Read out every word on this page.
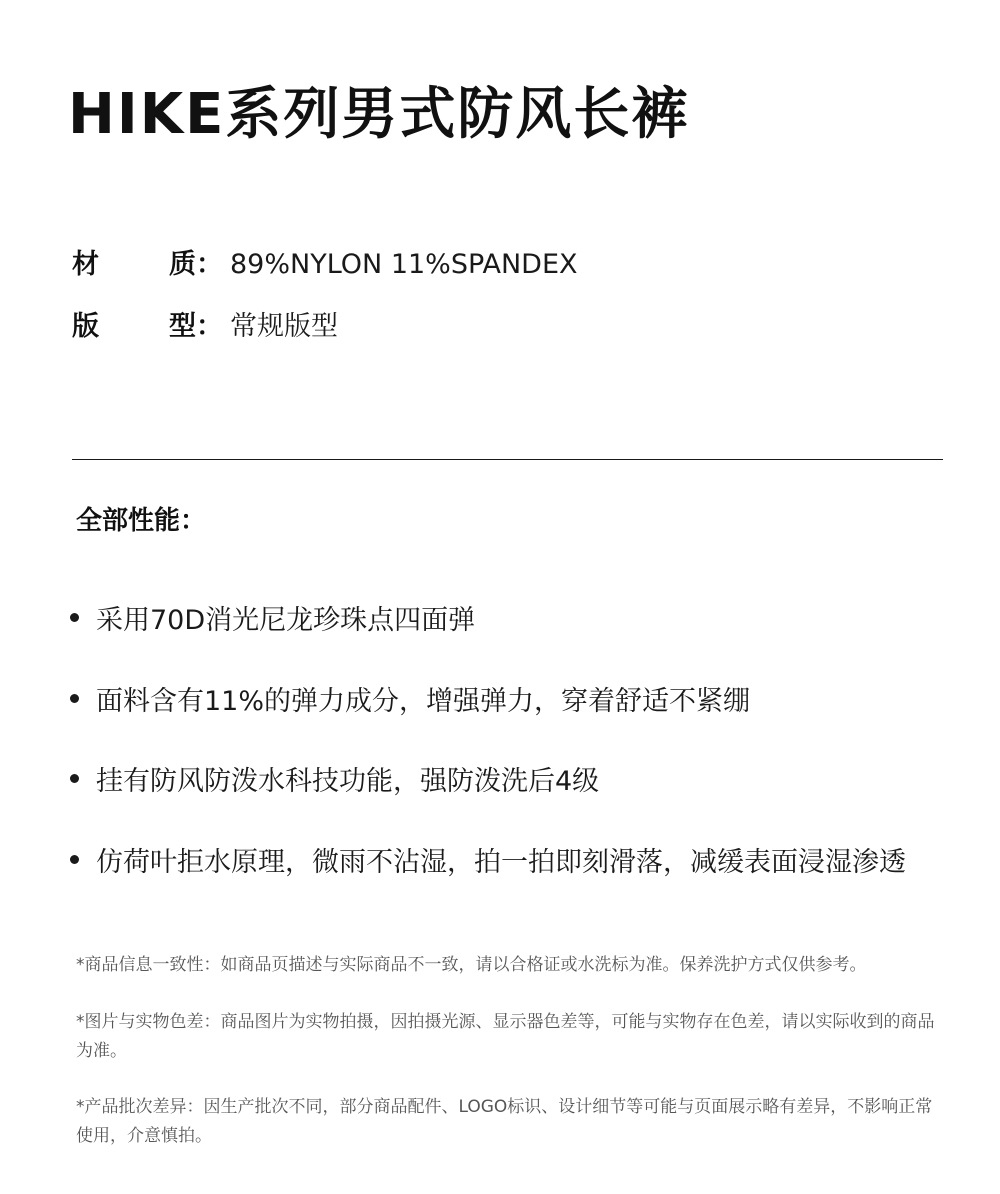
HIKE系列男式防风长裤
材	质 ： 89%NYLON 11%SPANDEX
版	型 ： 常规版型
全部性能：
采用70D消光尼龙珍珠点四面弹
面料含有11%的弹力成分，增强弹力，穿着舒适不紧绷
挂有防风防泼水科技功能，强防泼洗后4级
仿荷叶拒水原理，微雨不沾湿，拍一拍即刻滑落，减缓表面浸湿渗透
*商品信息一致性：如商品页描述与实际商品不一致，请以合格证或水洗标为准。保养洗护方式仅供参考。
*图片与实物色差：商品图片为实物拍摄，因拍摄光源、显示器色差等，可能与实物存在色差，请以实际收到的商品为准。
*产品批次差异：因生产批次不同，部分商品配件、LOGO标识、设计细节等可能与页面展示略有差异，不影响正常使用，介意慎拍。
